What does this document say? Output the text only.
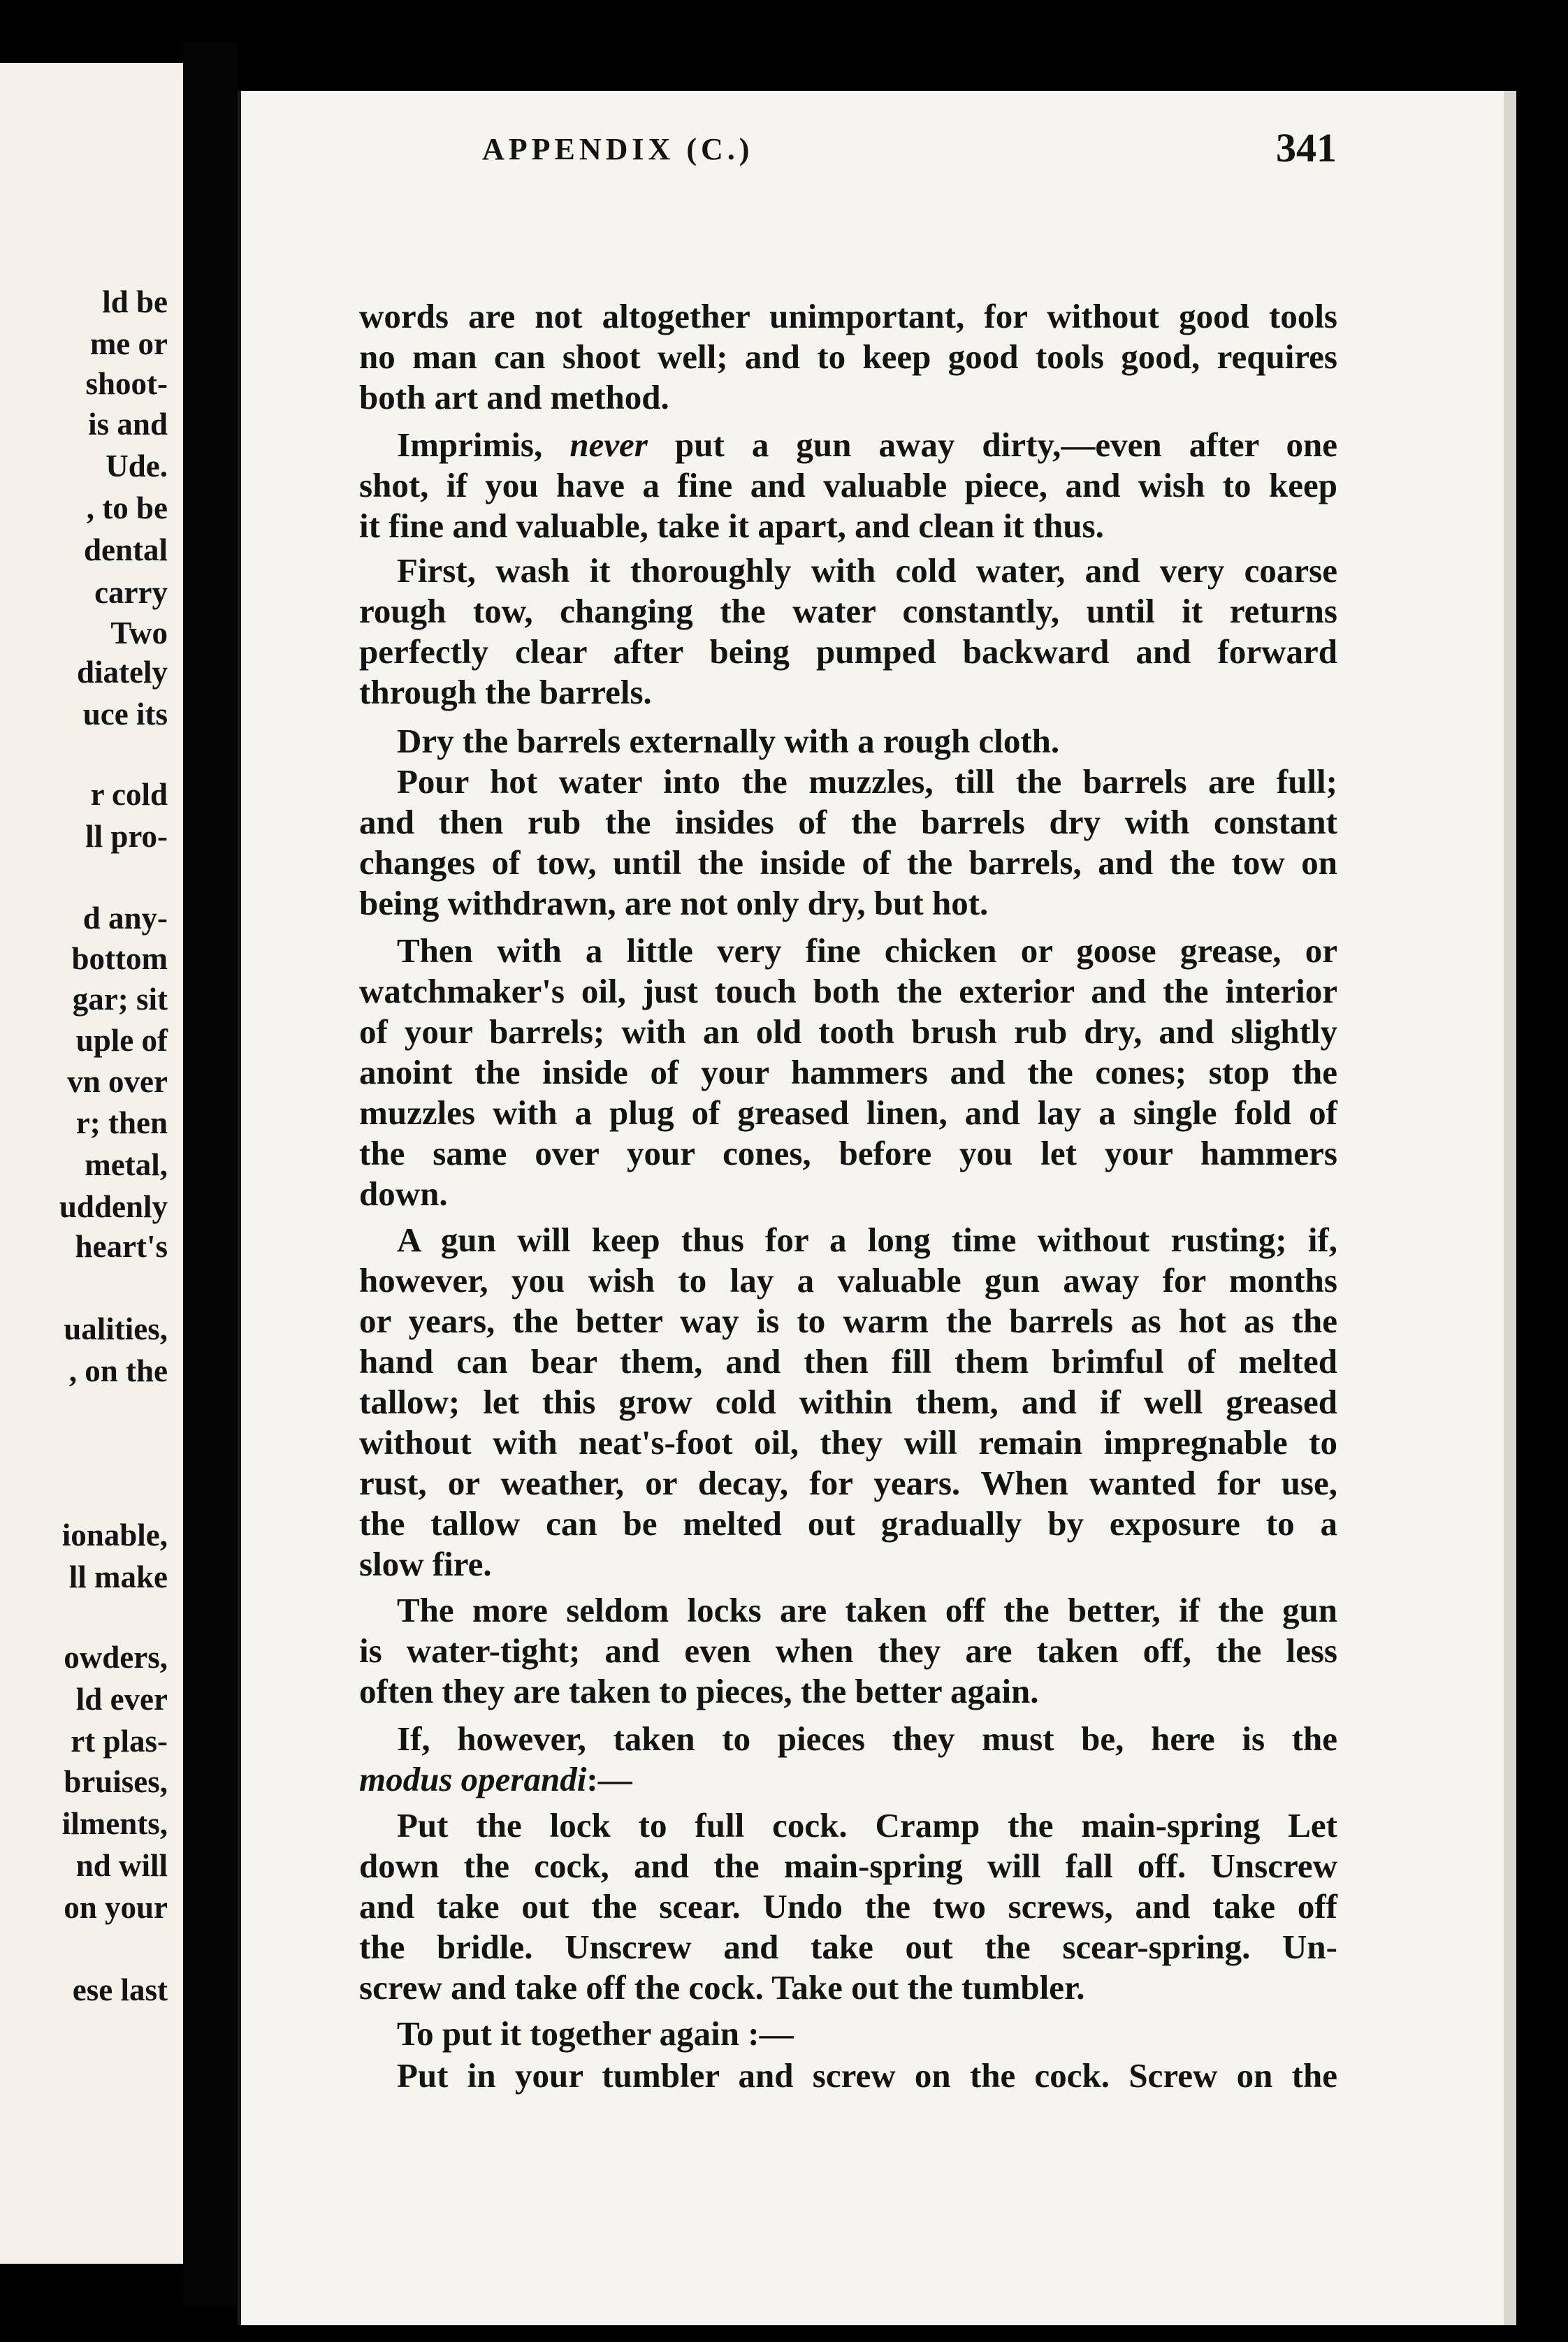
ld be
me or
shoot-
is and
Ude.
, to be
dental
carry
Two
diately
uce its
r cold
ll pro-
d any-
bottom
gar; sit
uple of
vn over
r; then
metal,
uddenly
heart's
ualities,
, on the
ionable,
ll make
owders,
ld ever
rt plas-
bruises,
ilments,
nd will
on your
ese last
APPENDIX (C.)	341
words are not altogether unimportant, for without good tools
no man can shoot well; and to keep good tools good, requires
both art and method.
Imprimis, never put a gun away dirty,—even after one
shot, if you have a fine and valuable piece, and wish to keep
it fine and valuable, take it apart, and clean it thus.
First, wash it thoroughly with cold water, and very coarse
rough tow, changing the water constantly, until it returns
perfectly clear after being pumped backward and forward
through the barrels.
Dry the barrels externally with a rough cloth.
Pour hot water into the muzzles, till the barrels are full;
and then rub the insides of the barrels dry with constant
changes of tow, until the inside of the barrels, and the tow on
being withdrawn, are not only dry, but hot.
Then with a little very fine chicken or goose grease, or
watchmaker's oil, just touch both the exterior and the interior
of your barrels; with an old tooth brush rub dry, and slightly
anoint the inside of your hammers and the cones; stop the
muzzles with a plug of greased linen, and lay a single fold of
the same over your cones, before you let your hammers
down.
A gun will keep thus for a long time without rusting; if,
however, you wish to lay a valuable gun away for months
or years, the better way is to warm the barrels as hot as the
hand can bear them, and then fill them brimful of melted
tallow; let this grow cold within them, and if well greased
without with neat's-foot oil, they will remain impregnable to
rust, or weather, or decay, for years. When wanted for use,
the tallow can be melted out gradually by exposure to a
slow fire.
The more seldom locks are taken off the better, if the gun
is water-tight; and even when they are taken off, the less
often they are taken to pieces, the better again.
If, however, taken to pieces they must be, here is the
modus operandi:—
Put the lock to full cock. Cramp the main-spring Let
down the cock, and the main-spring will fall off. Unscrew
and take out the scear. Undo the two screws, and take off
the bridle. Unscrew and take out the scear-spring. Un-
screw and take off the cock. Take out the tumbler.
To put it together again :—
Put in your tumbler and screw on the cock. Screw on the
